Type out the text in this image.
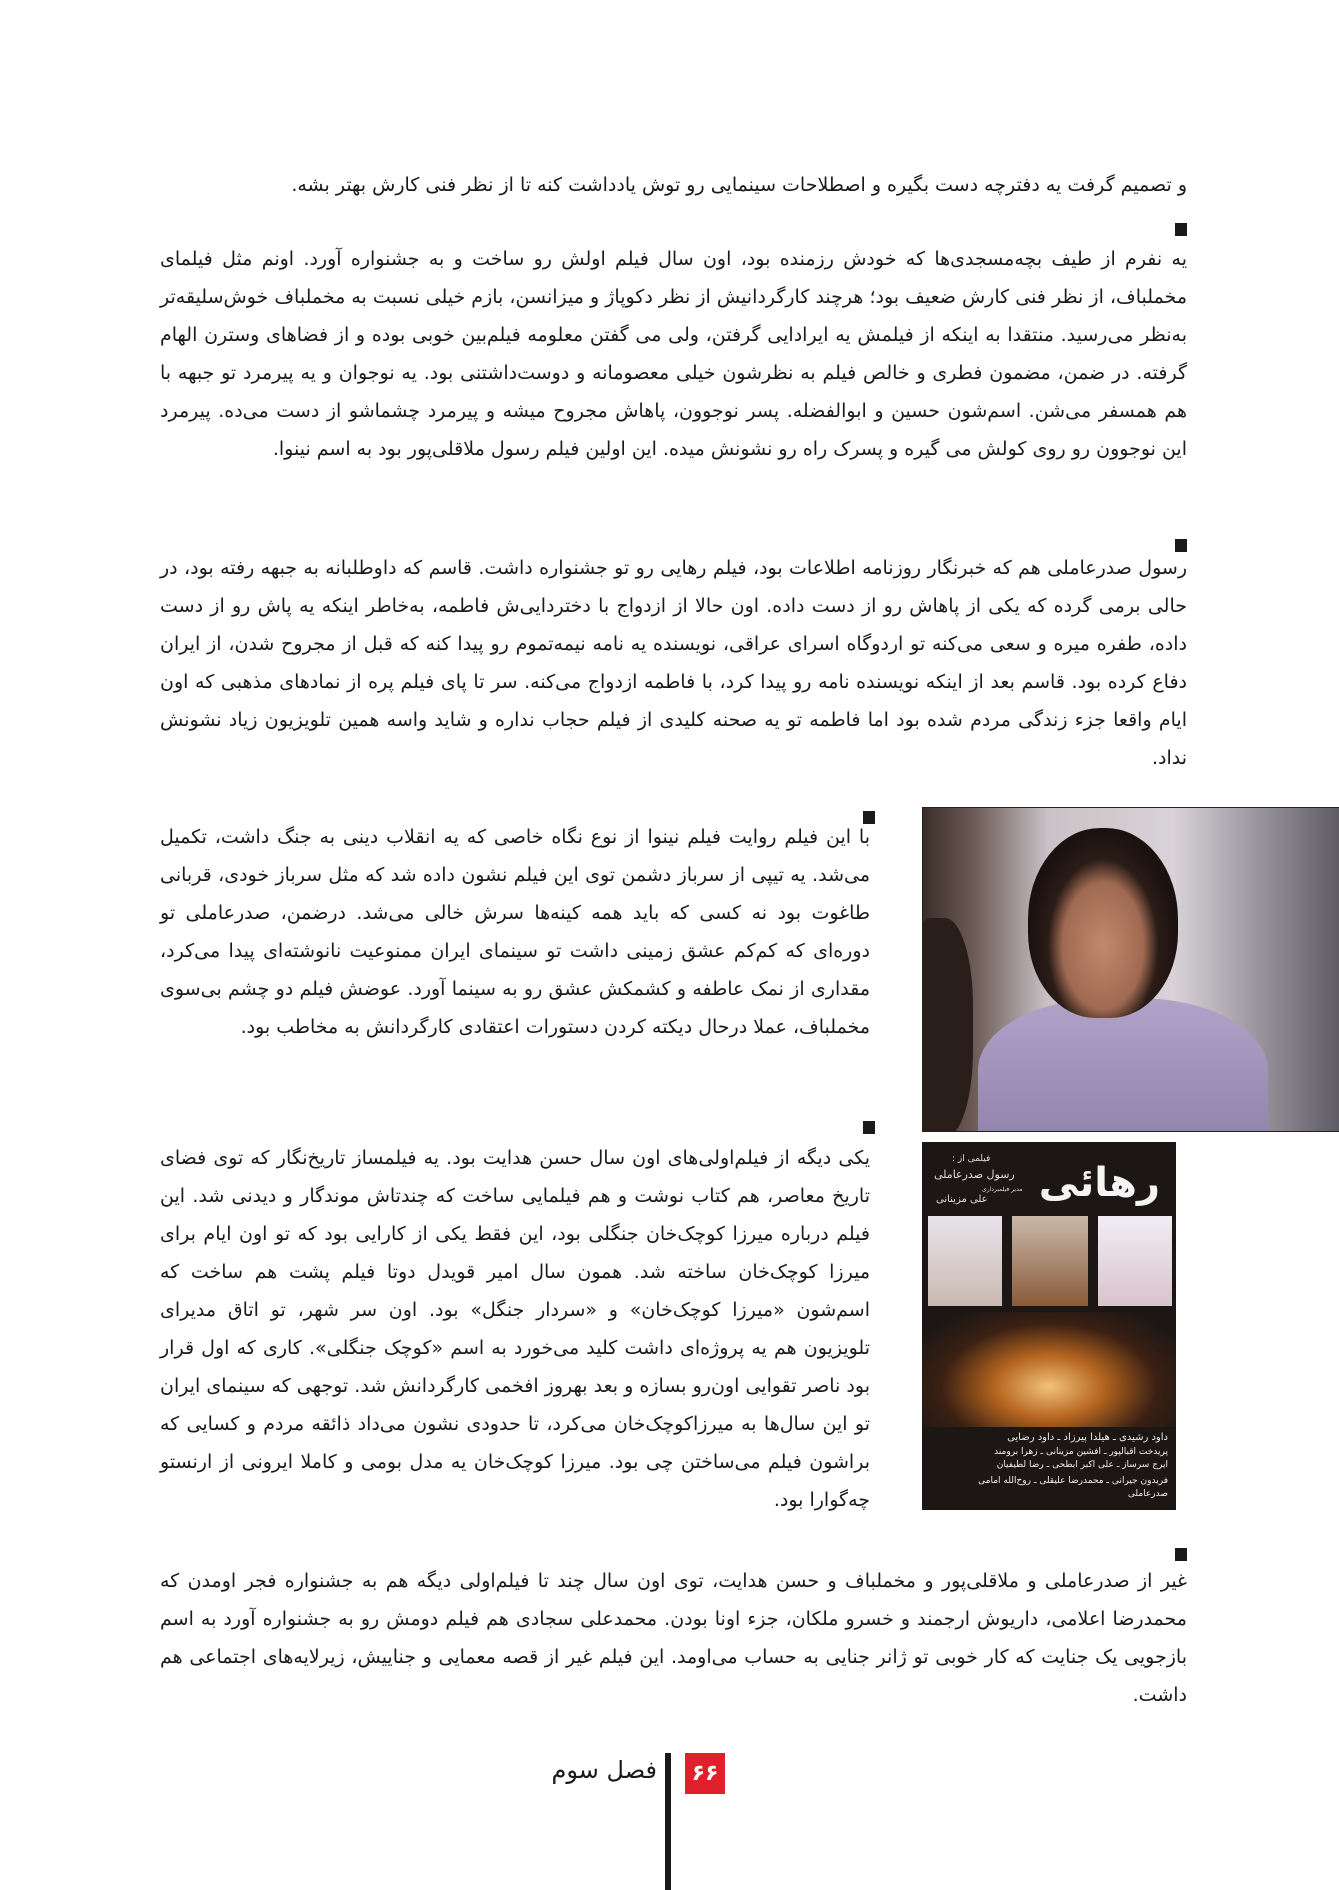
و تصمیم گرفت یه دفترچه دست بگیره و اصطلاحات سینمایی رو توش یادداشت کنه تا از نظر فنی کارش بهتر بشه.

یه نفرم از طیف بچه‌مسجدی‌ها که خودش رزمنده بود، اون سال فیلم اولش رو ساخت و به جشنواره آورد. اونم مثل فیلمای مخملباف، از نظر فنی کارش ضعیف بود؛ هرچند کارگردانیش از نظر دکوپاژ و میزانسن، بازم خیلی نسبت به مخملباف خوش‌سلیقه‌تر به‌نظر می‌رسید. منتقدا به اینکه از فیلمش یه ایرادایی گرفتن، ولی می گفتن معلومه فیلم‌بین خوبی بوده و از فضاهای وسترن الهام گرفته. در ضمن، مضمون فطری و خالص فیلم به نظرشون خیلی معصومانه و دوست‌داشتنی بود. یه نوجوان و یه پیرمرد تو جبهه با هم همسفر می‌شن. اسم‌شون حسین و ابوالفضله. پسر نوجوون، پاهاش مجروح میشه و پیرمرد چشماشو از دست می‌ده. پیرمرد این نوجوون رو روی کولش می گیره و پسرک راه رو نشونش میده. این اولین فیلم رسول ملاقلی‌پور بود به اسم نینوا.

رسول صدرعاملی هم که خبرنگار روزنامه اطلاعات بود، فیلم رهایی رو تو جشنواره داشت. قاسم که داوطلبانه به جبهه رفته بود، در حالی برمی گرده که یکی از پاهاش رو از دست داده. اون حالا از ازدواج با دختردایی‌ش فاطمه، به‌خاطر اینکه یه پاش رو از دست داده، طفره میره و سعی می‌کنه تو اردوگاه اسرای عراقی، نویسنده یه نامه نیمه‌تموم رو پیدا کنه که قبل از مجروح شدن، از ایران دفاع کرده بود. قاسم بعد از اینکه نویسنده نامه رو پیدا کرد، با فاطمه ازدواج می‌کنه. سر تا پای فیلم پره از نمادهای مذهبی که اون ایام واقعا جزء زندگی مردم شده بود اما فاطمه تو یه صحنه کلیدی از فیلم حجاب نداره و شاید واسه همین تلویزیون زیاد نشونش نداد.

با این فیلم روایت فیلم نینوا از نوع نگاه خاصی که یه انقلاب دینی به جنگ داشت، تکمیل می‌شد. یه تیپی از سرباز دشمن توی این فیلم نشون داده شد که مثل سرباز خودی، قربانی طاغوت بود نه کسی که باید همه کینه‌ها سرش خالی می‌شد. درضمن، صدرعاملی تو دوره‌ای که کم‌کم عشق زمینی داشت تو سینمای ایران ممنوعیت نانوشته‌ای پیدا می‌کرد، مقداری از نمک عاطفه و کشمکش عشق رو به سینما آورد. عوضش فیلم دو چشم بی‌سوی مخملباف، عملا درحال دیکته کردن دستورات اعتقادی کارگردانش به مخاطب بود.

یکی دیگه از فیلم‌اولی‌های اون سال حسن هدایت بود. یه فیلمساز تاریخ‌نگار که توی فضای تاریخ معاصر، هم کتاب نوشت و هم فیلمایی ساخت که چندتاش موندگار و دیدنی شد. این فیلم درباره میرزا کوچک‌خان جنگلی بود، این فقط یکی از کارایی بود که تو اون ایام برای میرزا کوچک‌خان ساخته شد. همون سال امیر قویدل دوتا فیلم پشت هم ساخت که اسم‌شون «میرزا کوچک‌خان» و «سردار جنگل» بود. اون سر شهر، تو اتاق مدیرای تلویزیون هم یه پروژه‌ای داشت کلید می‌خورد به اسم «کوچک جنگلی». کاری که اول قرار بود ناصر تقوایی اون‌رو بسازه و بعد بهروز افخمی کارگردانش شد. توجهی که سینمای ایران تو این سال‌ها به میرزاکوچک‌خان می‌کرد، تا حدودی نشون می‌داد ذائقه مردم و کسایی که براشون فیلم می‌ساختن چی بود. میرزا کوچک‌خان یه مدل بومی و کاملا ایرونی از ارنستو چه‌گوارا بود.

رهائی
فیلمی از :
رسول صدرعاملی
مدیر فیلمبرداری
علی مزینانی
داود رشیدی ـ هیلدا پیرزاد ـ داود رضایی
پریدخت اقبالپور ـ افشین مزینانی ـ زهرا برومند
ایرج سرساز ـ علی اکبر ابطحی ـ رضا لطیفیان
فریدون جیرانی ـ محمدرضا علیقلی ـ روح‌الله امامی
صدرعاملی

غیر از صدرعاملی و ملاقلی‌پور و مخملباف و حسن هدایت، توی اون سال چند تا فیلم‌اولی دیگه هم به جشنواره فجر اومدن که محمدرضا اعلامی، داریوش ارجمند و خسرو ملکان، جزء اونا بودن. محمدعلی سجادی هم فیلم دومش رو به جشنواره آورد به اسم بازجویی یک جنایت که کار خوبی تو ژانر جنایی به حساب می‌اومد. این فیلم غیر از قصه معمایی و جناییش، زیرلایه‌های اجتماعی هم داشت.

۶۶
فصل سوم
